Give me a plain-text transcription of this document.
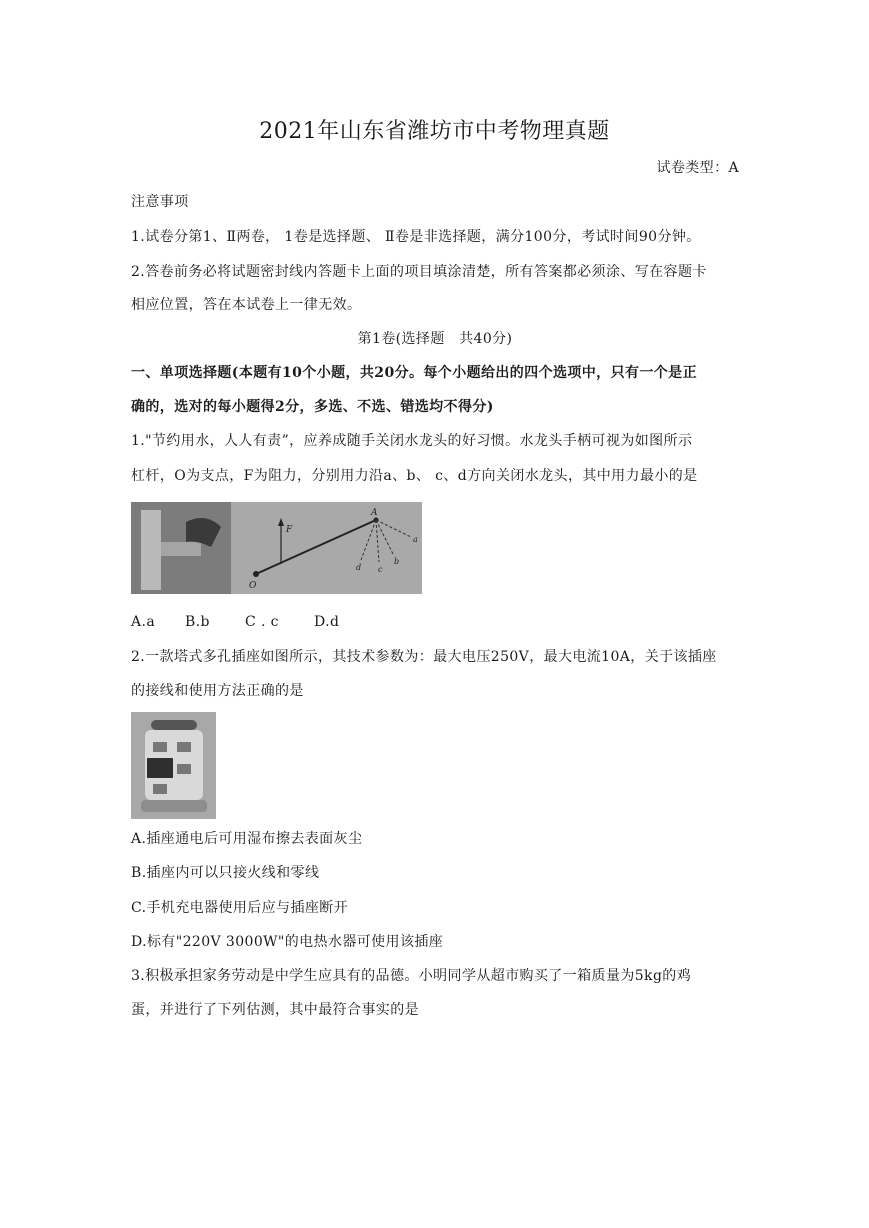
2021年山东省潍坊市中考物理真题
试卷类型：A
注意事项
1.试卷分第1、Ⅱ两卷， 1卷是选择题、 Ⅱ卷是非选择题，满分100分，考试时间90分钟。
2.答卷前务必将试题密封线内答题卡上面的项目填涂清楚，所有答案都必须涂、写在容题卡
相应位置，答在本试卷上一律无效。
第1卷(选择题　共40分)
一、单项选择题(本题有10个小题，共20分。每个小题给出的四个选项中，只有一个是正
确的，选对的每小题得2分，多选、不选、错选均不得分)
1."节约用水，人人有责”，应养成随手关闭水龙头的好习惯。水龙头手柄可视为如图所示
杠杆，O为支点，F为阻力，分别用力沿a、b、 c、d方向关闭水龙头，其中用力最小的是
F
A
O
a
b
c
d
A.a B.b	C . c	D.d
2.一款塔式多孔插座如图所示，其技术参数为：最大电压250V，最大电流10A，关于该插座
的接线和使用方法正确的是
A.插座通电后可用湿布擦去表面灰尘
B.插座内可以只接火线和零线
C.手机充电器使用后应与插座断开
D.标有"220V 3000W"的电热水器可使用该插座
3.积极承担家务劳动是中学生应具有的品德。小明同学从超市购买了一箱质量为5kg的鸡
蛋，并进行了下列估测，其中最符合事实的是
